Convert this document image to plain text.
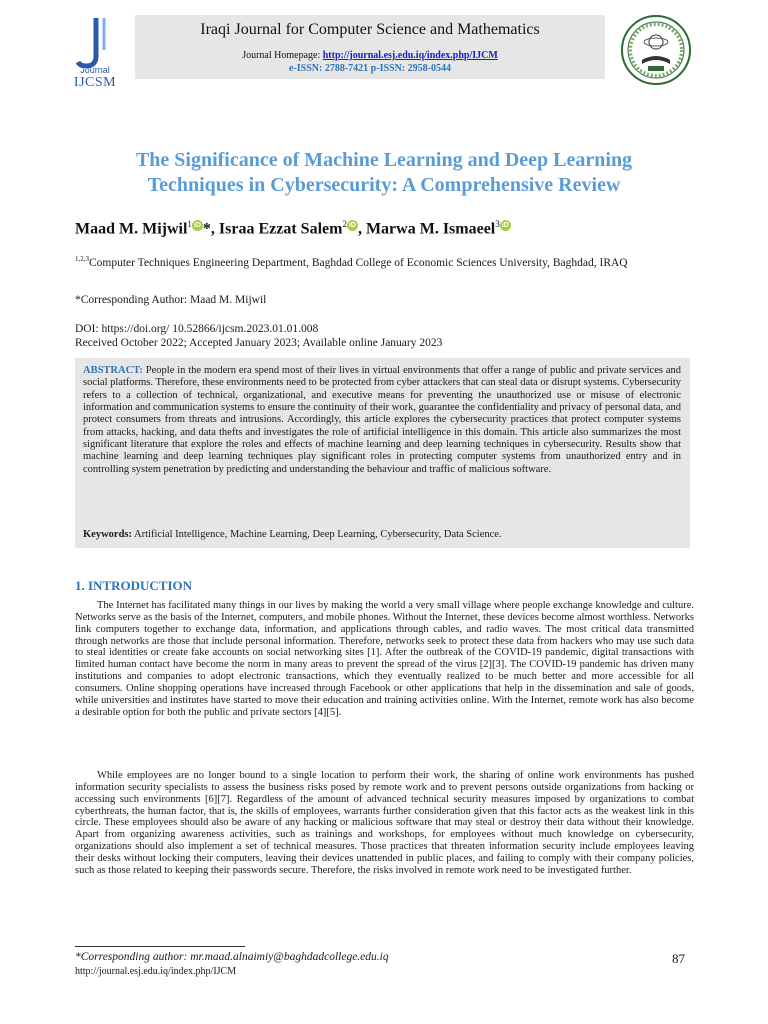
Journal
IJCSM
Iraqi Journal for Computer Science and Mathematics
Journal Homepage: http://journal.esj.edu.iq/index.php/IJCM
e-ISSN: 2788-7421 p-ISSN: 2958-0544
The Significance of Machine Learning and Deep Learning
Techniques in Cybersecurity: A Comprehensive Review
Maad M. Mijwil$^1$ iD *, Israa Ezzat Salem$^2$ iD , Marwa M. Ismaeel$^3$ iD
$^{1,2,3}$Computer Techniques Engineering Department, Baghdad College of Economic Sciences University, Baghdad, IRAQ
*Corresponding Author: Maad M. Mijwil
DOI: https://doi.org/ 10.52866/ijcsm.2023.01.01.008
Received October 2022; Accepted January 2023; Available online January 2023
ABSTRACT: People in the modern era spend most of their lives in virtual environments that offer a range of public and private services and social platforms. Therefore, these environments need to be protected from cyber attackers that can steal data or disrupt systems. Cybersecurity refers to a collection of technical, organizational, and executive means for preventing the unauthorized use or misuse of electronic information and communication systems to ensure the continuity of their work, guarantee the confidentiality and privacy of personal data, and protect consumers from threats and intrusions. Accordingly, this article explores the cybersecurity practices that protect computer systems from attacks, hacking, and data thefts and investigates the role of artificial intelligence in this domain. This article also summarizes the most significant literature that explore the roles and effects of machine learning and deep learning techniques in cybersecurity. Results show that machine learning and deep learning techniques play significant roles in protecting computer systems from unauthorized entry and in controlling system penetration by predicting and understanding the behaviour and traffic of malicious software.
Keywords: Artificial Intelligence, Machine Learning, Deep Learning, Cybersecurity, Data Science.
1. INTRODUCTION

The Internet has facilitated many things in our lives by making the world a very small village where people exchange knowledge and culture. Networks serve as the basis of the Internet, computers, and mobile phones. Without the Internet, these devices become almost worthless. Networks link computers together to exchange data, information, and applications through cables, and radio waves. The most critical data transmitted through networks are those that include personal information. Therefore, networks seek to protect these data from hackers who may use such data to steal identities or create fake accounts on social networking sites [1]. After the outbreak of the COVID-19 pandemic, digital transactions with limited human contact have become the norm in many areas to prevent the spread of the virus [2][3]. The COVID-19 pandemic has driven many institutions and companies to adopt electronic transactions, which they eventually realized to be much better and more accessible for all consumers. Online shopping operations have increased through Facebook or other applications that help in the dissemination and sale of goods, while universities and institutes have started to move their education and training activities online. With the Internet, remote work has also become a desirable option for both the public and private sectors [4][5].

While employees are no longer bound to a single location to perform their work, the sharing of online work environments has pushed information security specialists to assess the business risks posed by remote work and to prevent persons outside organizations from hacking or accessing such environments [6][7]. Regardless of the amount of advanced technical security measures imposed by organizations to combat cyberthreats, the human factor, that is, the skills of employees, warrants further consideration given that this factor acts as the weakest link in this circle. These employees should also be aware of any hacking or malicious software that may steal or destroy their data without their knowledge. Apart from organizing awareness activities, such as trainings and workshops, for employees without much knowledge on cybersecurity, organizations should also implement a set of technical measures. Those practices that threaten information security include employees leaving their desks without locking their computers, leaving their devices unattended in public places, and failing to comply with their company policies, such as those related to keeping their passwords secure. Therefore, the risks involved in remote work need to be investigated further.

*Corresponding author: mr.maad.alnaimiy@baghdadcollege.edu.iq
http://journal.esj.edu.iq/index.php/IJCM
87
